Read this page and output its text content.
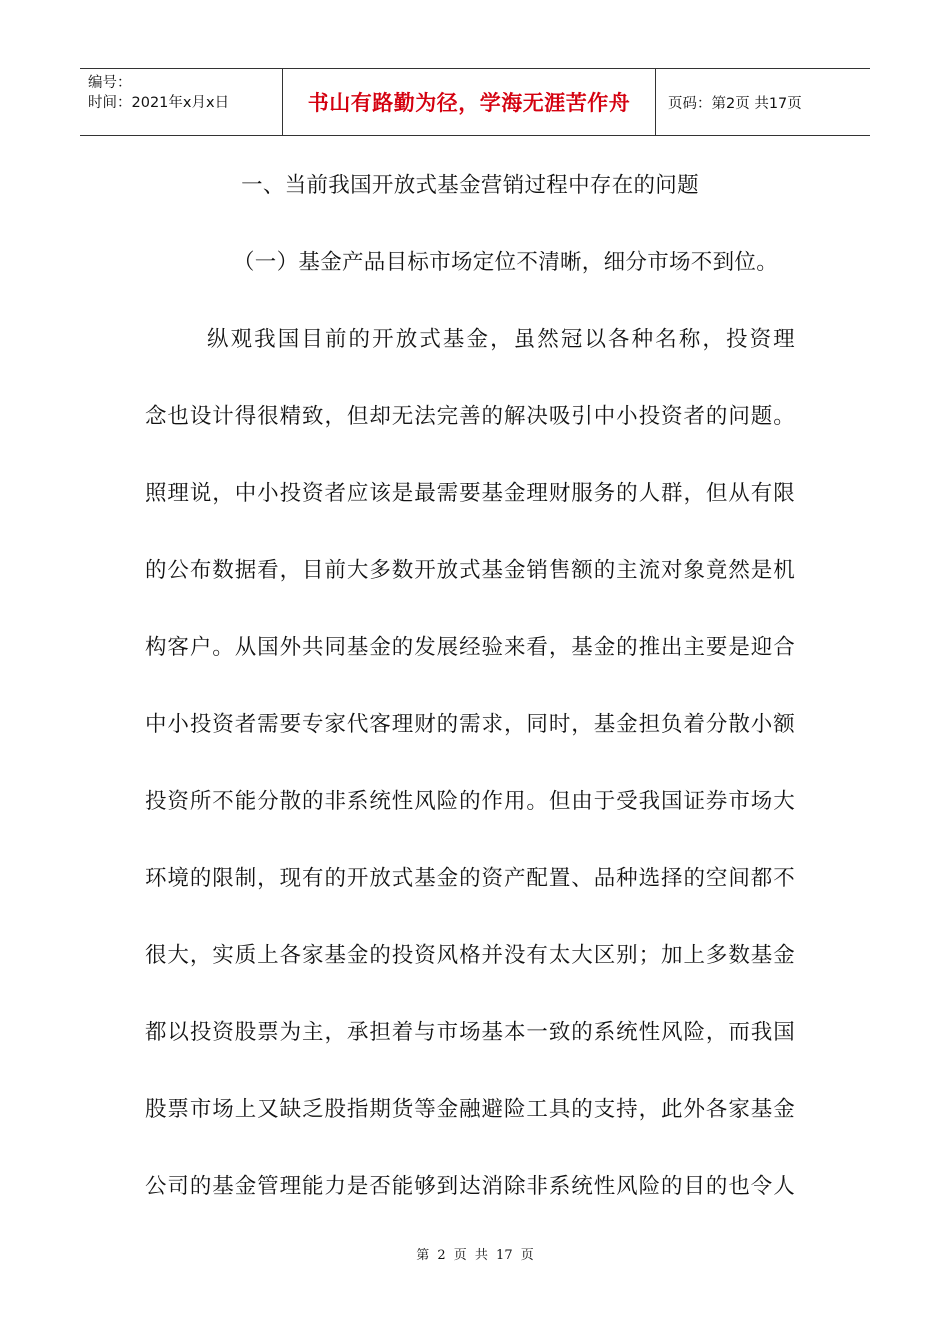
编号：
时间：2021年x月x日	书山有路勤为径，学海无涯苦作舟	页码：第2页 共17页
一、当前我国开放式基金营销过程中存在的问题
（一）基金产品目标市场定位不清晰，细分市场不到位。
纵观我国目前的开放式基金，虽然冠以各种名称，投资理
念也设计得很精致，但却无法完善的解决吸引中小投资者的问题。
照理说，中小投资者应该是最需要基金理财服务的人群，但从有限
的公布数据看，目前大多数开放式基金销售额的主流对象竟然是机
构客户。从国外共同基金的发展经验来看，基金的推出主要是迎合
中小投资者需要专家代客理财的需求，同时，基金担负着分散小额
投资所不能分散的非系统性风险的作用。但由于受我国证券市场大
环境的限制，现有的开放式基金的资产配置、品种选择的空间都不
很大，实质上各家基金的投资风格并没有太大区别；加上多数基金
都以投资股票为主，承担着与市场基本一致的系统性风险，而我国
股票市场上又缺乏股指期货等金融避险工具的支持，此外各家基金
公司的基金管理能力是否能够到达消除非系统性风险的目的也令人
第 2 页 共 17 页
